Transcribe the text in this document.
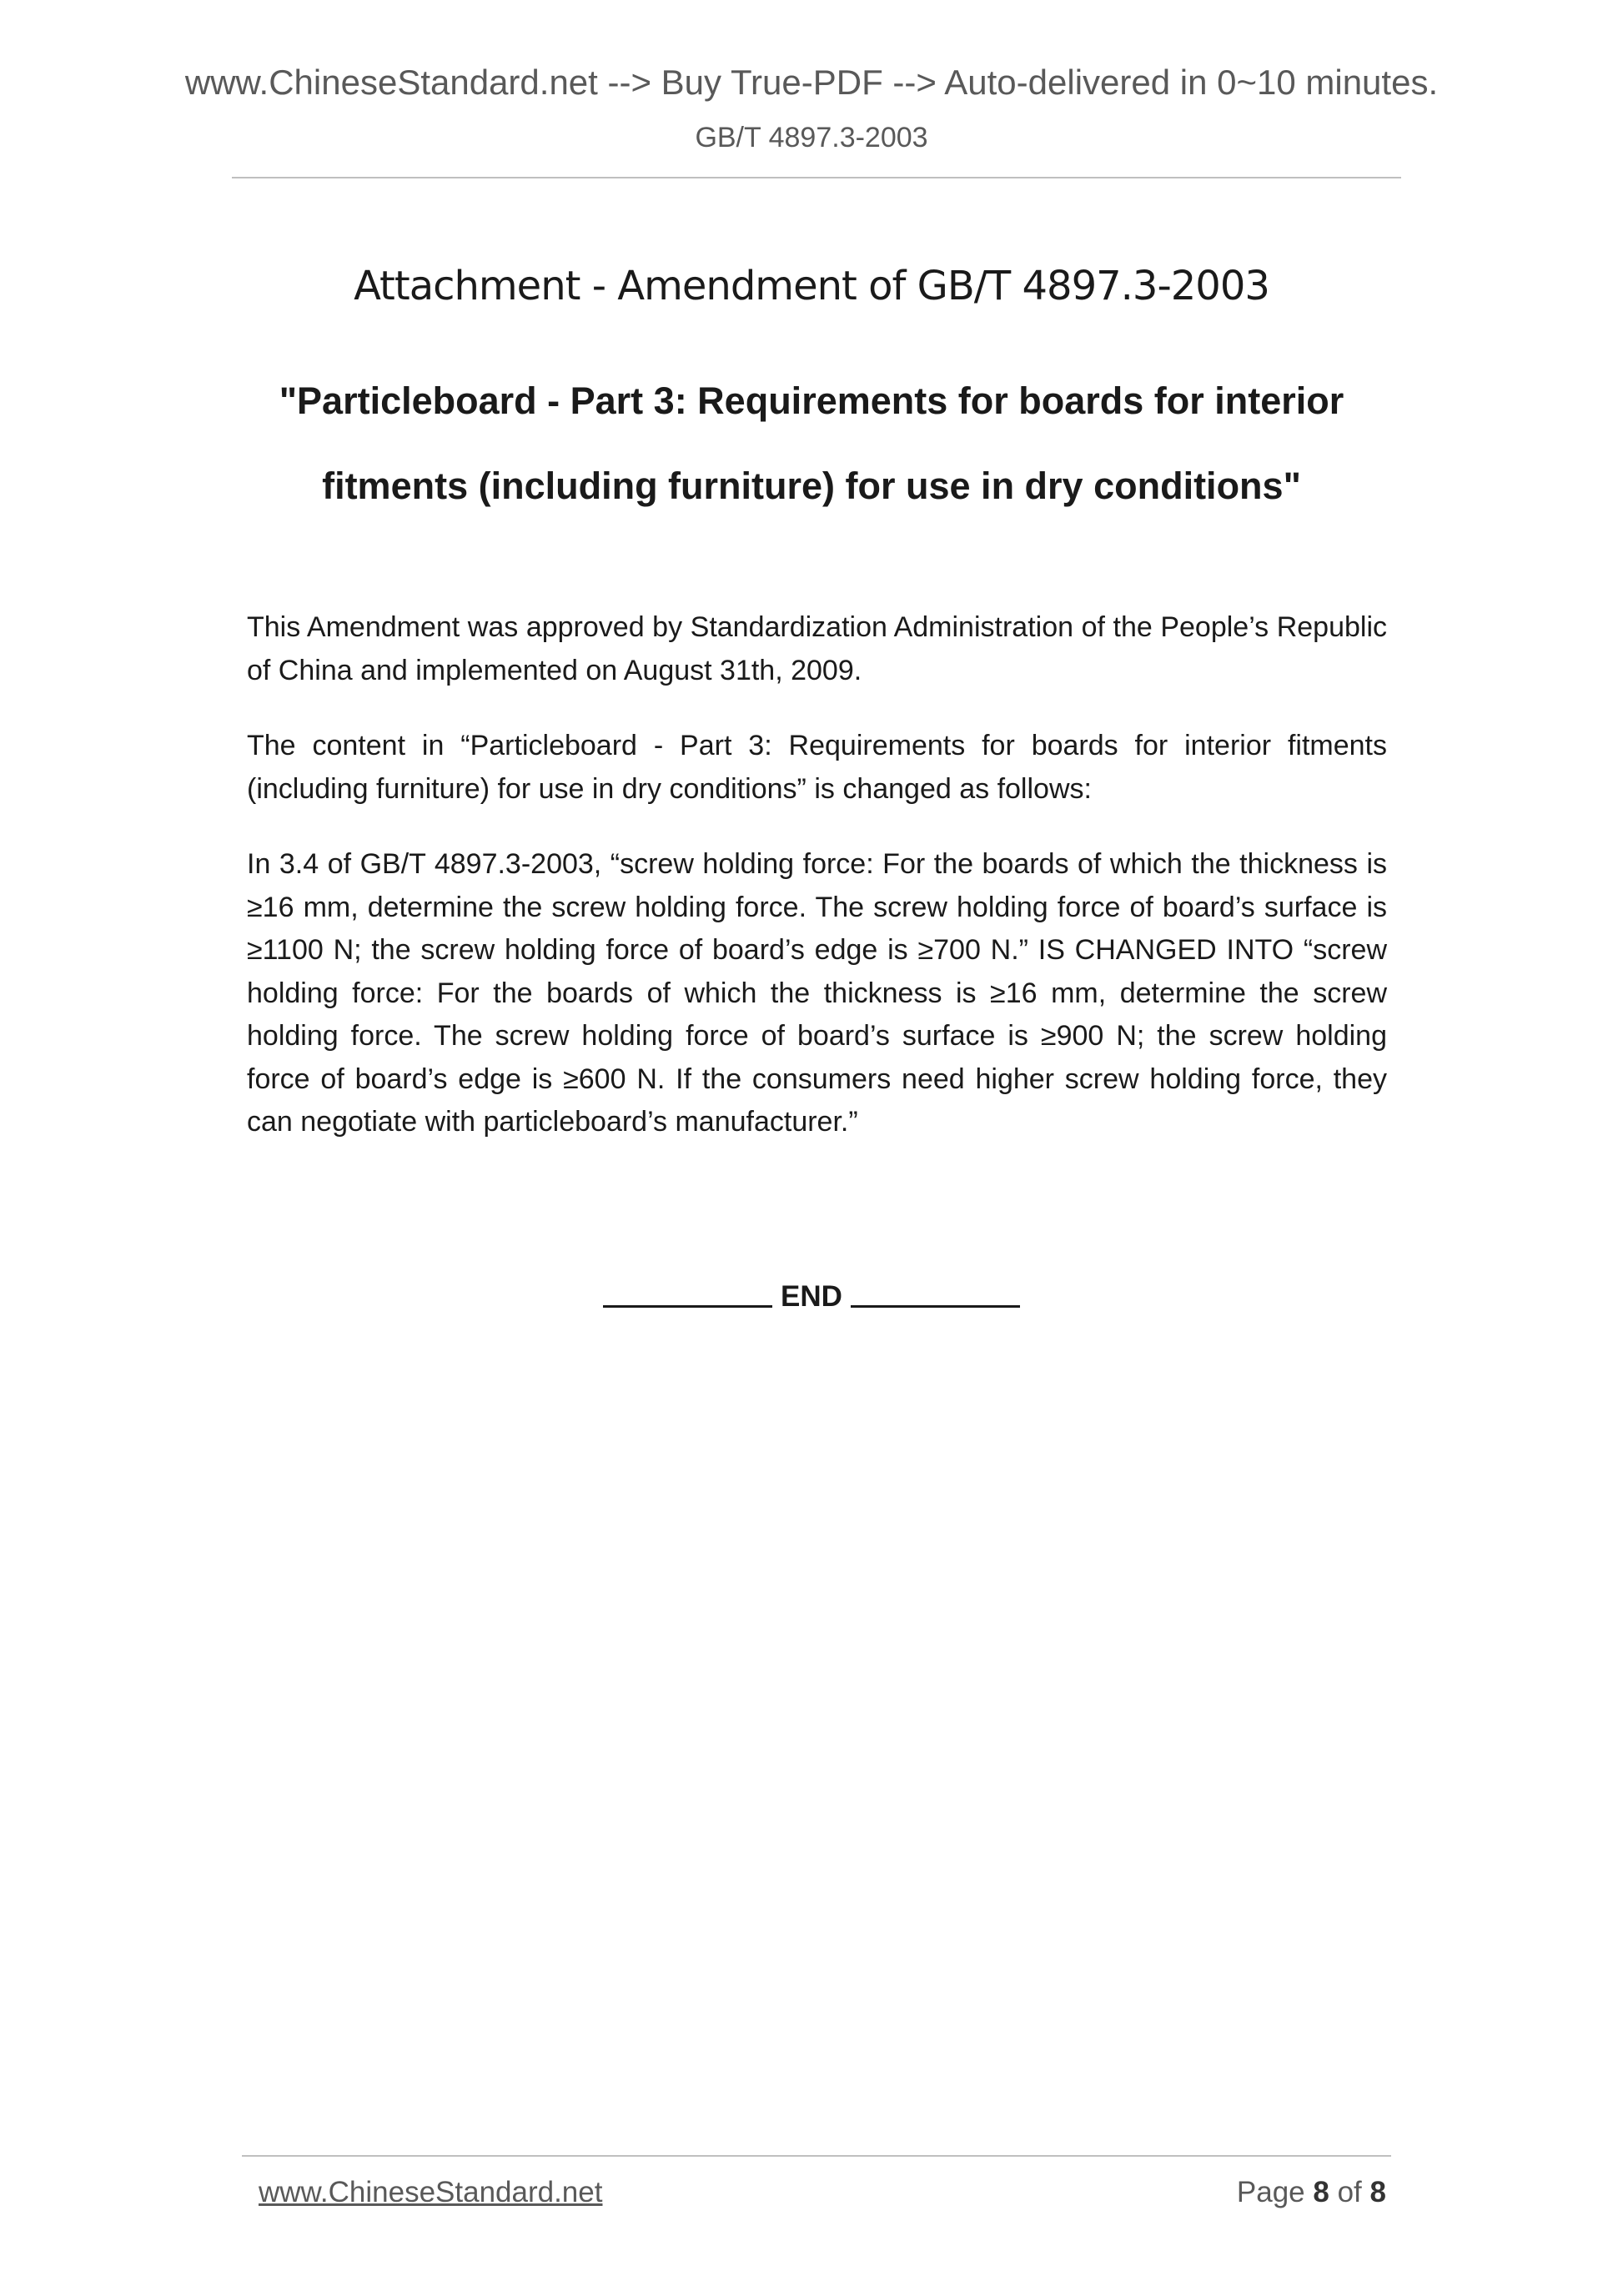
www.ChineseStandard.net --> Buy True-PDF --> Auto-delivered in 0~10 minutes.
GB/T 4897.3-2003
Attachment - Amendment of GB/T 4897.3-2003
"Particleboard - Part 3: Requirements for boards for interior
fitments (including furniture) for use in dry conditions"

This Amendment was approved by Standardization Administration of the People’s Republic of China and implemented on August 31th, 2009.

The content in “Particleboard - Part 3: Requirements for boards for interior fitments (including furniture) for use in dry conditions” is changed as follows:

In 3.4 of GB/T 4897.3-2003, “screw holding force: For the boards of which the thickness is ≥16 mm, determine the screw holding force. The screw holding force of board’s surface is ≥1100 N; the screw holding force of board’s edge is ≥700 N.” IS CHANGED INTO “screw holding force: For the boards of which the thickness is ≥16 mm, determine the screw holding force. The screw holding force of board’s surface is ≥900 N; the screw holding force of board’s edge is ≥600 N. If the consumers need higher screw holding force, they can negotiate with particleboard’s manufacturer.”

END
www.ChineseStandard.net	Page 8 of 8
